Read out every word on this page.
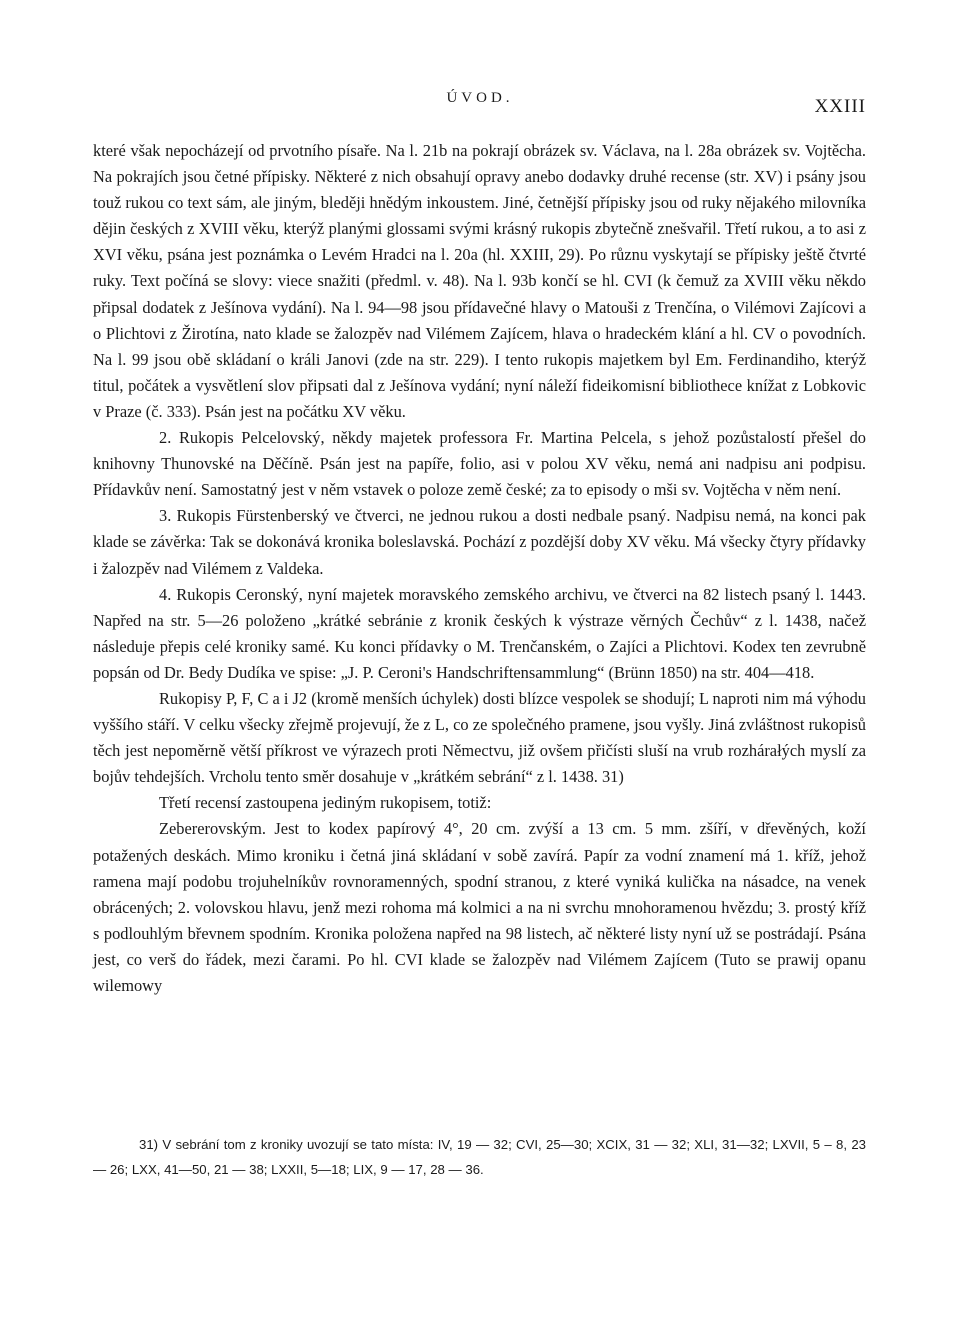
ÚVOD.	XXIII

které však nepocházejí od prvotního písaře. Na l. 21b na pokrají obrázek sv. Václava, na l. 28a obrázek sv. Vojtěcha. Na pokrajích jsou četné přípisky. Některé z nich obsahují opravy anebo dodavky druhé recense (str. XV) i psány jsou touž rukou co text sám, ale jiným, bleději hnědým inkoustem. Jiné, četnější přípisky jsou od ruky nějakého milovníka dějin českých z XVIII věku, kterýž planými glossami svými krásný rukopis zbytečně znešvařil. Třetí rukou, a to asi z XVI věku, psána jest poznámka o Levém Hradci na l. 20a (hl. XXIII, 29). Po různu vyskytají se přípisky ještě čtvrté ruky. Text počíná se slovy: viece snažiti (předml. v. 48). Na l. 93b končí se hl. CVI (k čemuž za XVIII věku někdo připsal dodatek z Ješínova vydání). Na l. 94—98 jsou přídavečné hlavy o Matouši z Trenčína, o Vilémovi Zajícovi a o Plichtovi z Žirotína, nato klade se žalozpěv nad Vilémem Zajícem, hlava o hradeckém klání a hl. CV o povodních. Na l. 99 jsou obě skládaní o králi Janovi (zde na str. 229). I tento rukopis majetkem byl Em. Ferdinandiho, kterýž titul, počátek a vysvětlení slov připsati dal z Ješínova vydání; nyní náleží fideikomisní bibliothece knížat z Lobkovic v Praze (č. 333). Psán jest na počátku XV věku.

2. Rukopis Pelcelovský, někdy majetek professora Fr. Martina Pelcela, s jehož pozůstalostí přešel do knihovny Thunovské na Děčíně. Psán jest na papíře, folio, asi v polou XV věku, nemá ani nadpisu ani podpisu. Přídavkův není. Samostatný jest v něm vstavek o poloze země české; za to episody o mši sv. Vojtěcha v něm není.

3. Rukopis Fürstenberský ve čtverci, ne jednou rukou a dosti nedbale psaný. Nadpisu nemá, na konci pak klade se závěrka: Tak se dokonává kronika boleslavská. Pochází z pozdější doby XV věku. Má všecky čtyry přídavky i žalozpěv nad Vilémem z Valdeka.

4. Rukopis Ceronský, nyní majetek moravského zemského archivu, ve čtverci na 82 listech psaný l. 1443. Napřed na str. 5—26 položeno „krátké sebránie z kronik českých k výstraze věrných Čechův“ z l. 1438, načež následuje přepis celé kroniky samé. Ku konci přídavky o M. Trenčanském, o Zajíci a Plichtovi. Kodex ten zevrubně popsán od Dr. Bedy Dudíka ve spise: „J. P. Ceroni's Handschriftensammlung“ (Brünn 1850) na str. 404—418.

Rukopisy P, F, C a i J2 (kromě menších úchylek) dosti blízce vespolek se shodují; L naproti nim má výhodu vyššího stáří. V celku všecky zřejmě projevují, že z L, co ze společného pramene, jsou vyšly. Jiná zvláštnost rukopisů těch jest nepoměrně větší příkrost ve výrazech proti Němectvu, již ovšem přičísti sluší na vrub rozhárałých myslí za bojův tehdejších. Vrcholu tento směr dosahuje v „krátkém sebrání“ z l. 1438. 31)

Třetí recensí zastoupena jediným rukopisem, totiž:

Zebererovským. Jest to kodex papírový 4°, 20 cm. zvýší a 13 cm. 5 mm. zšíří, v dřevěných, koží potažených deskách. Mimo kroniku i četná jiná skládaní v sobě zavírá. Papír za vodní znamení má 1. kříž, jehož ramena mají podobu trojuhelníkův rovnoramenných, spodní stranou, z které vyniká kulička na násadce, na venek obrácených; 2. volovskou hlavu, jenž mezi rohoma má kolmici a na ni svrchu mnohoramenou hvězdu; 3. prostý kříž s podlouhlým břevnem spodním. Kronika položena napřed na 98 listech, ač některé listy nyní už se postrádají. Psána jest, co verš do řádek, mezi čarami. Po hl. CVI klade se žalozpěv nad Vilémem Zajícem (Tuto se prawij opanu wilemowy

31) V sebrání tom z kroniky uvozují se tato místa: IV, 19 — 32; CVI, 25—30; XCIX, 31 — 32; XLI, 31—32; LXVII, 5 – 8, 23 — 26; LXX, 41—50, 21 — 38; LXXII, 5—18; LIX, 9 — 17, 28 — 36.
